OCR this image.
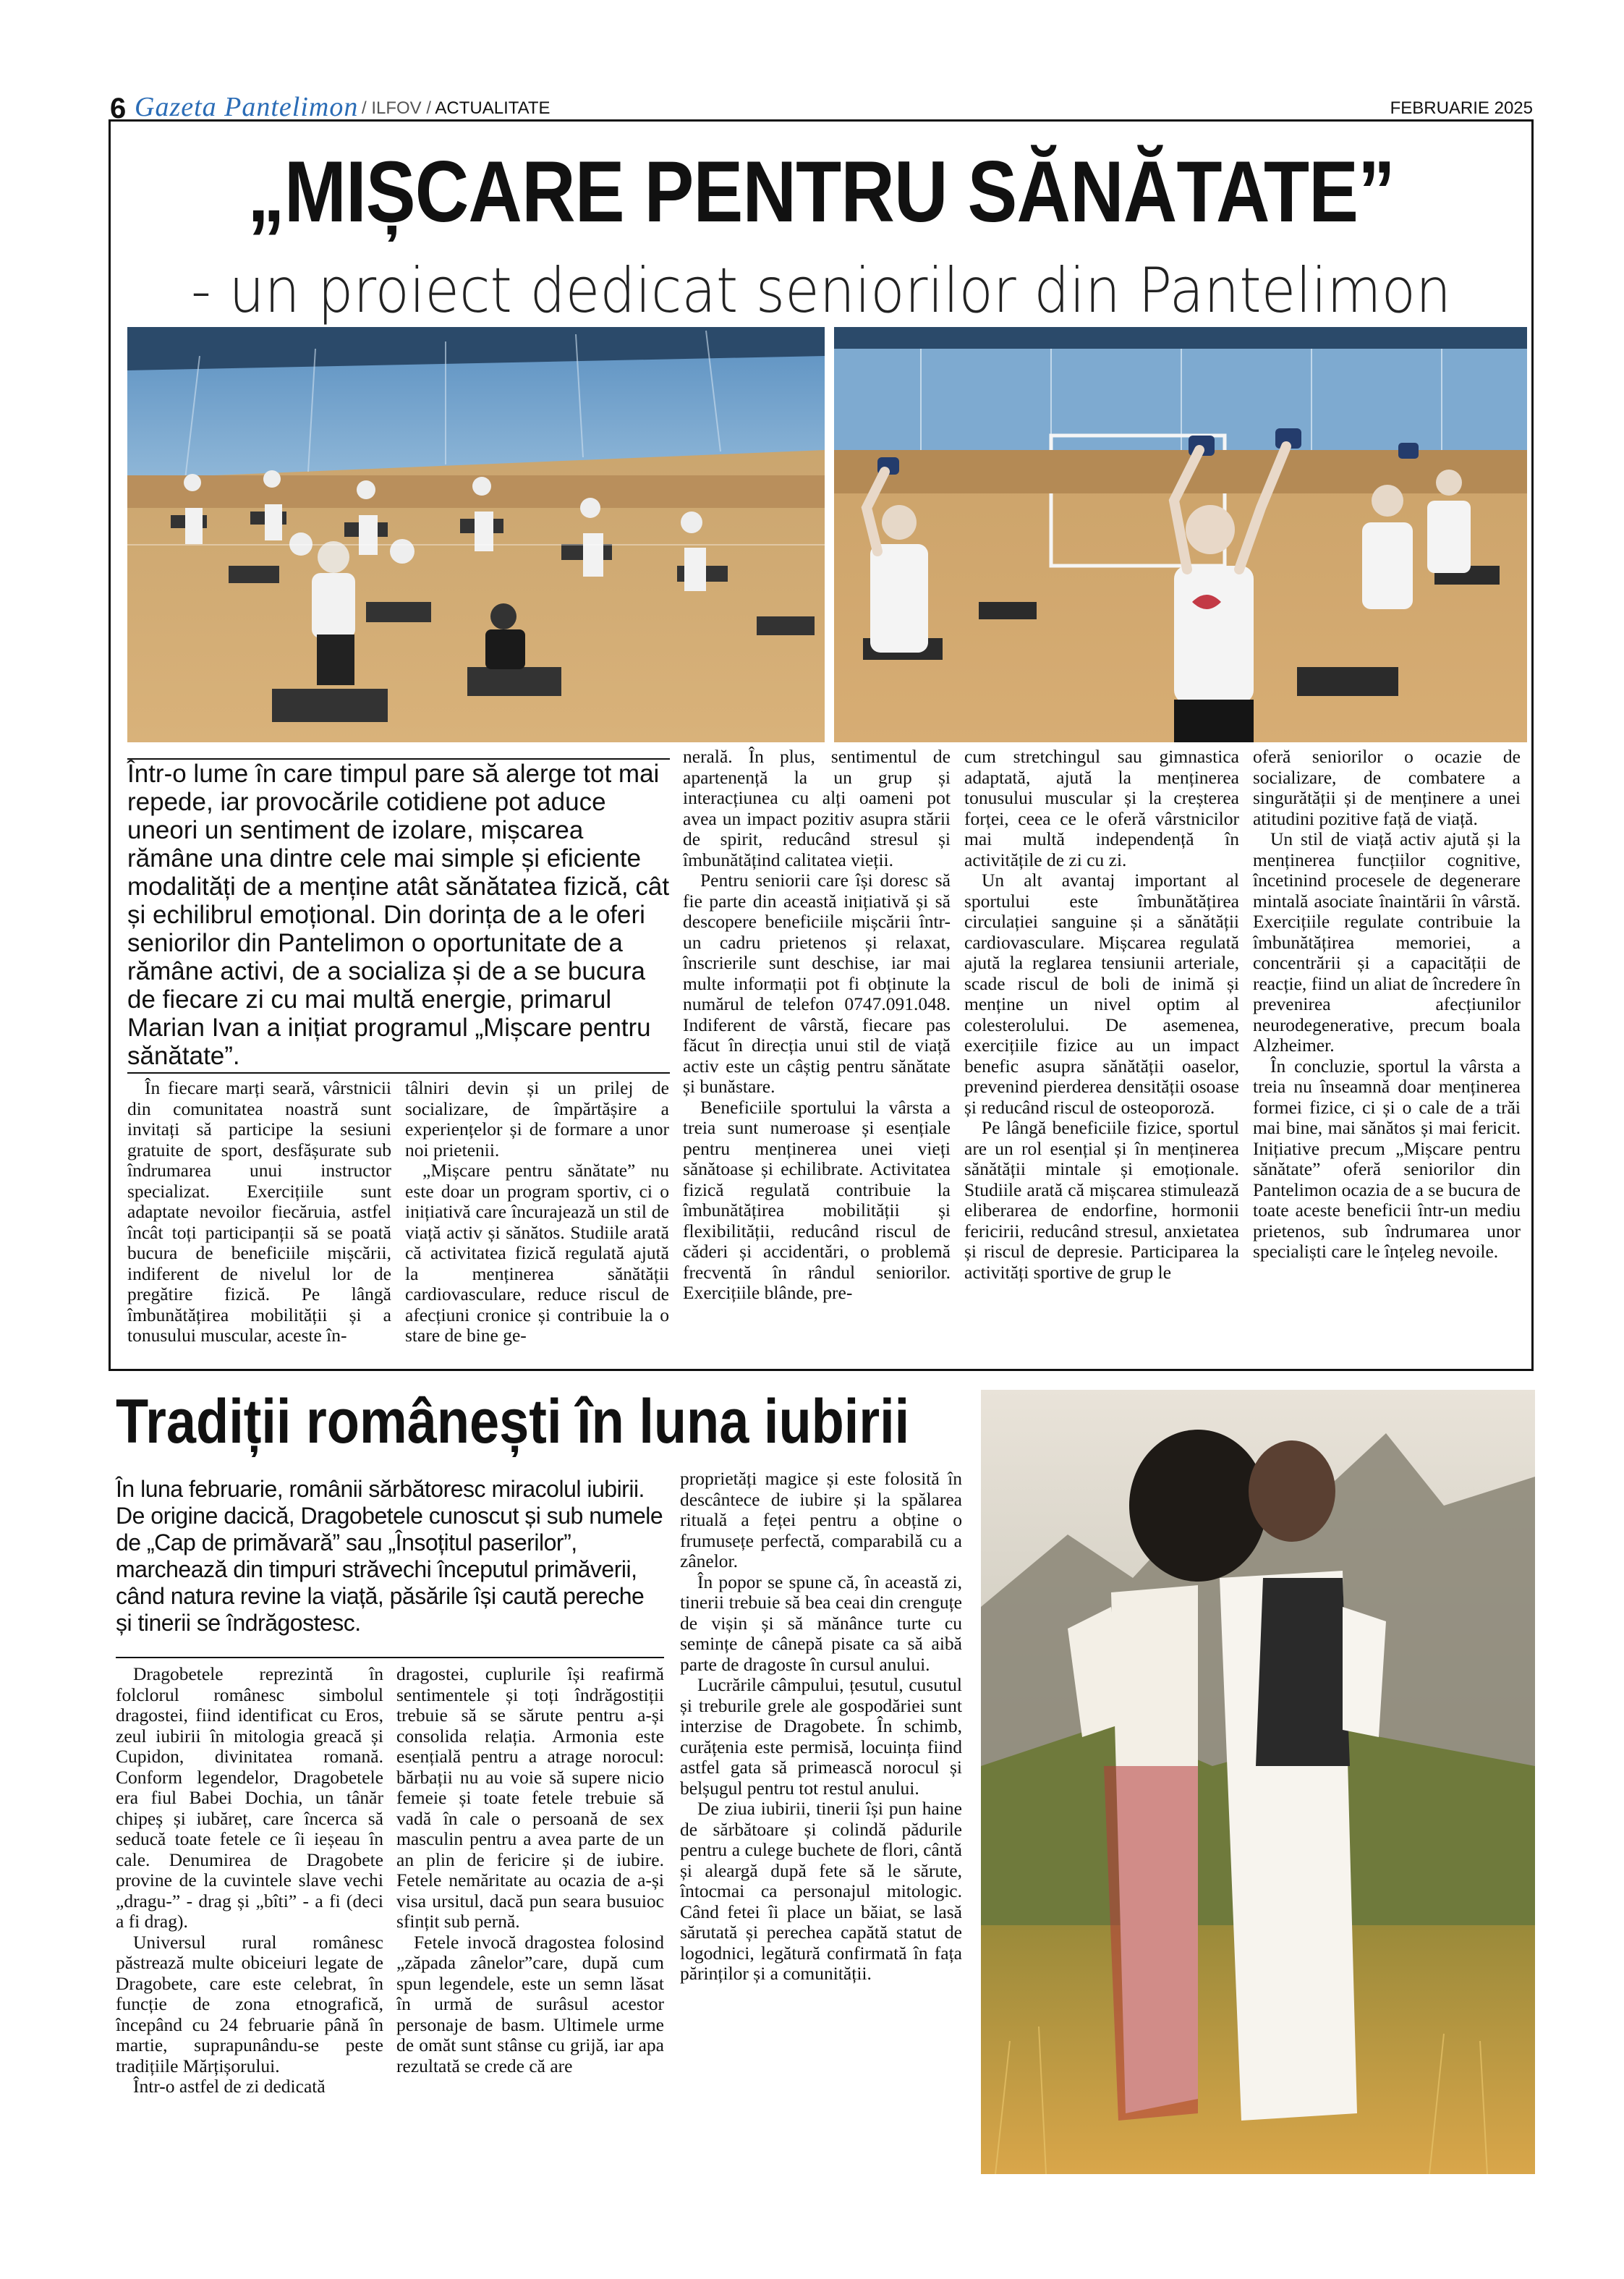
6 Gazeta Pantelimon / ILFOV / ACTUALITATE	FEBRUARIE 2025
„MIȘCARE PENTRU SĂNĂTATE”
- un proiect dedicat seniorilor din Pantelimon
Într-o lume în care timpul pare să alerge tot mai repede, iar provocările cotidiene pot aduce uneori un sentiment de izolare, mișcarea rămâne una dintre cele mai simple și eficiente modalități de a menține atât sănătatea fizică, cât și echilibrul emoțional. Din dorința de a le oferi seniorilor din Pantelimon o oportunitate de a rămâne activi, de a socializa și de a se bucura de fiecare zi cu mai multă energie, primarul Marian Ivan a inițiat programul „Mișcare pentru sănătate”.

În fiecare marți seară, vârstnicii din comunitatea noastră sunt invitați să participe la sesiuni gratuite de sport, desfășurate sub îndrumarea unui instructor specializat. Exercițiile sunt adaptate nevoilor fiecăruia, astfel încât toți participanții să se poată bucura de beneficiile mișcării, indiferent de nivelul lor de pregătire fizică. Pe lângă îmbunătățirea mobilității și a tonusului muscular, aceste în-

tâlniri devin și un prilej de socializare, de împărtășire a experiențelor și de formare a unor noi prietenii.

„Mișcare pentru sănătate” nu este doar un program sportiv, ci o inițiativă care încurajează un stil de viață activ și sănătos. Studiile arată că activitatea fizică regulată ajută la menținerea sănătății cardiovasculare, reduce riscul de afecțiuni cronice și contribuie la o stare de bine ge-

nerală. În plus, sentimentul de apartenență la un grup și interacțiunea cu alți oameni pot avea un impact pozitiv asupra stării de spirit, reducând stresul și îmbunătățind calitatea vieții.

Pentru seniorii care își doresc să fie parte din această inițiativă și să descopere beneficiile mișcării într-un cadru prietenos și relaxat, înscrierile sunt deschise, iar mai multe informații pot fi obținute la numărul de telefon 0747.091.048. Indiferent de vârstă, fiecare pas făcut în direcția unui stil de viață activ este un câștig pentru sănătate și bunăstare.

Beneficiile sportului la vârsta a treia sunt numeroase și esențiale pentru menținerea unei vieți sănătoase și echilibrate. Activitatea fizică regulată contribuie la îmbunătățirea mobilității și flexibilității, reducând riscul de căderi și accidentări, o problemă frecventă în rândul seniorilor. Exercițiile blânde, pre-

cum stretchingul sau gimnastica adaptată, ajută la menținerea tonusului muscular și la creșterea forței, ceea ce le oferă vârstnicilor mai multă independență în activitățile de zi cu zi.

Un alt avantaj important al sportului este îmbunătățirea circulației sanguine și a sănătății cardiovasculare. Mișcarea regulată ajută la reglarea tensiunii arteriale, scade riscul de boli de inimă și menține un nivel optim al colesterolului. De asemenea, exercițiile fizice au un impact benefic asupra sănătății oaselor, prevenind pierderea densității osoase și reducând riscul de osteoporoză.

Pe lângă beneficiile fizice, sportul are un rol esențial și în menținerea sănătății mintale și emoționale. Studiile arată că mișcarea stimulează eliberarea de endorfine, hormonii fericirii, reducând stresul, anxietatea și riscul de depresie. Participarea la activități sportive de grup le

oferă seniorilor o ocazie de socializare, de combatere a singurătății și de menținere a unei atitudini pozitive față de viață.

Un stil de viață activ ajută și la menținerea funcțiilor cognitive, încetinind procesele de degenerare mintală asociate înaintării în vârstă. Exercițiile regulate contribuie la îmbunătățirea memoriei, a concentrării și a capacității de reacție, fiind un aliat de încredere în prevenirea afecțiunilor neurodegenerative, precum boala Alzheimer.

În concluzie, sportul la vârsta a treia nu înseamnă doar menținerea formei fizice, ci și o cale de a trăi mai bine, mai sănătos și mai fericit. Inițiative precum „Mișcare pentru sănătate” oferă seniorilor din Pantelimon ocazia de a se bucura de toate aceste beneficii într-un mediu prietenos, sub îndrumarea unor specialiști care le înțeleg nevoile.

Tradiții românești în luna iubirii
În luna februarie, românii sărbătoresc miracolul iubirii. De origine dacică, Dragobetele cunoscut și sub numele de „Cap de primăvară” sau „Însoțitul paserilor”, marchează din timpuri străvechi începutul primăverii, când natura revine la viață, păsările își caută pereche și tinerii se îndrăgostesc.

Dragobetele reprezintă în folclorul românesc simbolul dragostei, fiind identificat cu Eros, zeul iubirii în mitologia greacă și Cupidon, divinitatea romană. Conform legendelor, Dragobetele era fiul Babei Dochia, un tânăr chipeș și iubăreț, care încerca să seducă toate fetele ce îi ieșeau în cale. Denumirea de Dragobete provine de la cuvintele slave vechi „dragu-” - drag și „bîti” - a fi (deci a fi drag).

Universul rural românesc păstrează multe obiceiuri legate de Dragobete, care este celebrat, în funcție de zona etnografică, începând cu 24 februarie până în martie, suprapunându-se peste tradițiile Mărțișorului.

Într-o astfel de zi dedicată

dragostei, cuplurile își reafirmă sentimentele și toți îndrăgostiții trebuie să se sărute pentru a-și consolida relația. Armonia este esențială pentru a atrage norocul: bărbații nu au voie să supere nicio femeie și toate fetele trebuie să vadă în cale o persoană de sex masculin pentru a avea parte de un an plin de fericire și de iubire. Fetele nemăritate au ocazia de a-și visa ursitul, dacă pun seara busuioc sfințit sub pernă.

Fetele invocă dragostea folosind „zăpada zânelor”care, după cum spun legendele, este un semn lăsat în urmă de surâsul acestor personaje de basm. Ultimele urme de omăt sunt stânse cu grijă, iar apa rezultată se crede că are

proprietăți magice și este folosită în descântece de iubire și la spălarea rituală a feței pentru a obține o frumusețe perfectă, comparabilă cu a zânelor.

În popor se spune că, în această zi, tinerii trebuie să bea ceai din crenguțe de vișin și să mănânce turte cu semințe de cânepă pisate ca să aibă parte de dragoste în cursul anului.

Lucrările câmpului, țesutul, cusutul și treburile grele ale gospodăriei sunt interzise de Dragobete. În schimb, curățenia este permisă, locuința fiind astfel gata să primească norocul și belșugul pentru tot restul anului.

De ziua iubirii, tinerii își pun haine de sărbătoare și colindă pădurile pentru a culege buchete de flori, cântă și aleargă după fete să le sărute, întocmai ca personajul mitologic. Când fetei îi place un băiat, se lasă sărutată și perechea capătă statut de logodnici, legătură confirmată în fața părinților și a comunității.
